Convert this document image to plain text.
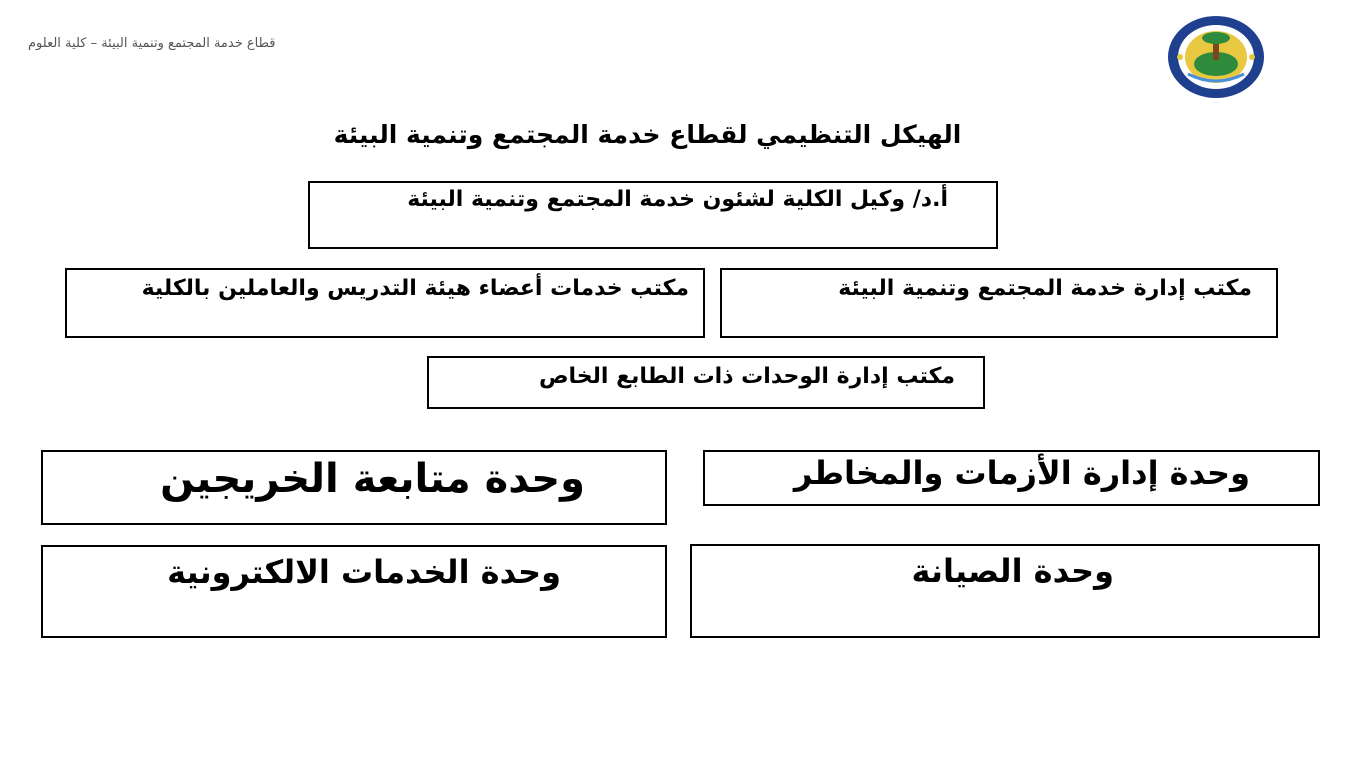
قطاع خدمة المجتمع وتنمية البيئة – كلية العلوم
الهيكل التنظيمي لقطاع خدمة المجتمع وتنمية البيئة
أ.د/ وكيل الكلية لشئون خدمة المجتمع وتنمية البيئة
مكتب إدارة خدمة المجتمع وتنمية البيئة
مكتب خدمات أعضاء هيئة التدريس والعاملين بالكلية
مكتب إدارة الوحدات ذات الطابع الخاص
وحدة إدارة الأزمات والمخاطر
وحدة متابعة الخريجين
وحدة الصيانة
وحدة الخدمات الالكترونية
